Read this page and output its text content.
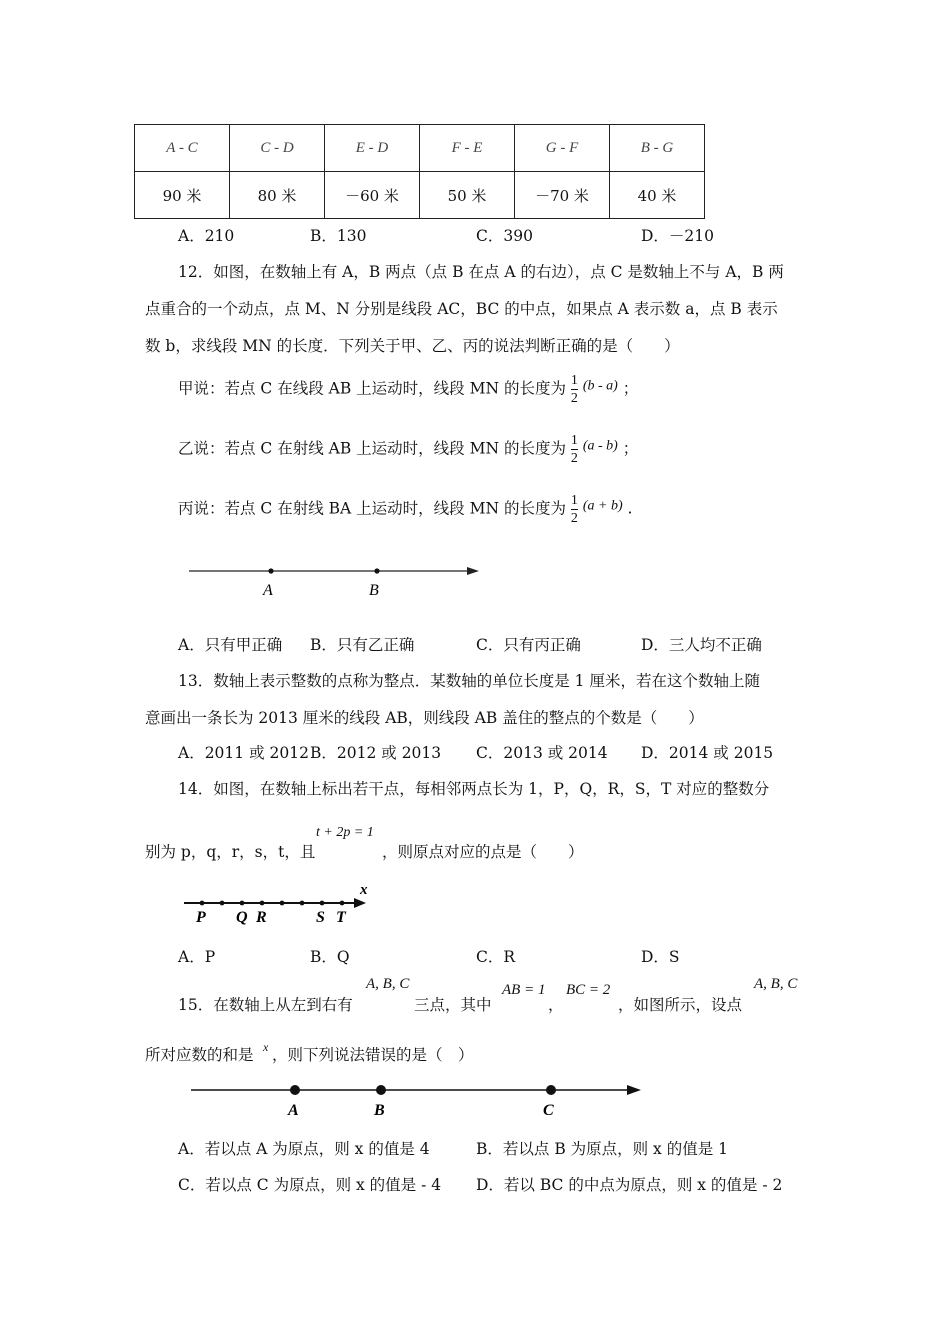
A - C	C - D	E - D	F - E	G - F	B - G
90 米	80 米	－60 米	50 米	－70 米	40 米
A．210	B．130	C．390	D．－210
12．如图，在数轴上有 A，B 两点（点 B 在点 A 的右边），点 C 是数轴上不与 A，B 两
点重合的一个动点，点 M、N 分别是线段 AC，BC 的中点，如果点 A 表示数 a，点 B 表示
数 b，求线段 MN 的长度．下列关于甲、乙、丙的说法判断正确的是（　　）
甲说：若点 C 在线段 AB 上运动时，线段 MN 的长度为 $\frac{1}{2} (b - a)$ ；
乙说：若点 C 在射线 AB 上运动时，线段 MN 的长度为 $\frac{1}{2} (a - b)$ ；
丙说：若点 C 在射线 BA 上运动时，线段 MN 的长度为 $\frac{1}{2} (a + b)$ .
A	B
A．只有甲正确 B．只有乙正确	C．只有丙正确	D．三人均不正确
13．数轴上表示整数的点称为整点．某数轴的单位长度是 1 厘米，若在这个数轴上随
意画出一条长为 2013 厘米的线段 AB，则线段 AB 盖住的整点的个数是（　　）
A．2011 或 2012 B．2012 或 2013 C．2013 或 2014 D．2014 或 2015
14．如图，在数轴上标出若干点，每相邻两点长为 1，P，Q，R，S，T 对应的整数分
t + 2p = 1
别为 p，q，r，s，t，且	，则原点对应的点是（　　）
x
P Q R	S T
A．P	B．Q	C．R	D．S
15．在数轴上从左到右有
A, B, C
三点，其中
AB = 1
，
BC = 2
，如图所示，设点
A, B, C
所对应数的和是 x ，则下列说法错误的是（　）
A	B	C
A．若以点 A 为原点，则 x 的值是 4	B．若以点 B 为原点，则 x 的值是 1
C．若以点 C 为原点，则 x 的值是 - 4 D．若以 BC 的中点为原点，则 x 的值是 - 2
